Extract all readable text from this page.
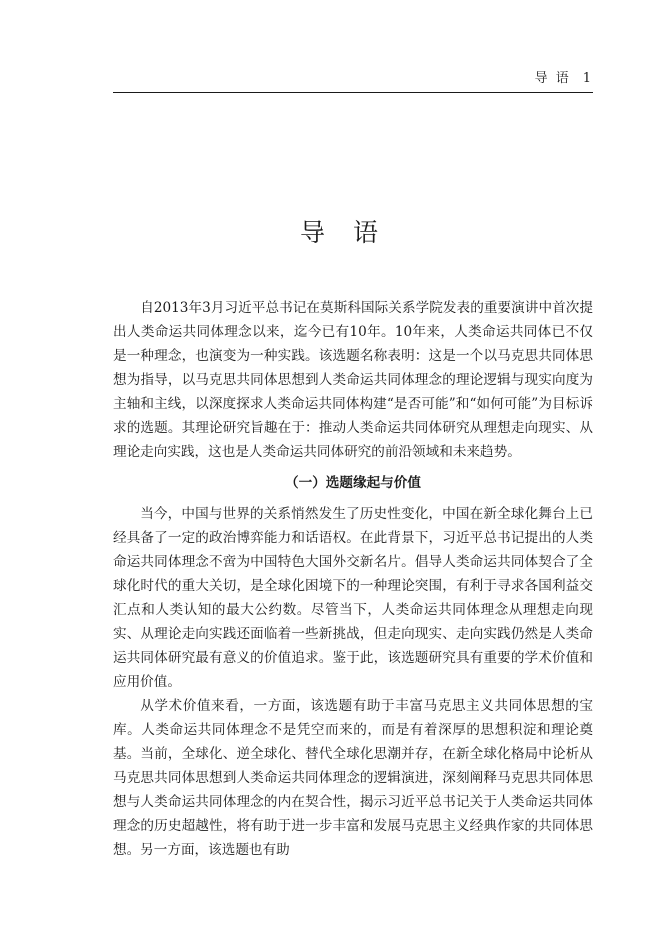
导 语 1
导语

自2013年3月习近平总书记在莫斯科国际关系学院发表的重要演讲中首次提出人类命运共同体理念以来，迄今已有10年。10年来，人类命运共同体已不仅是一种理念，也演变为一种实践。该选题名称表明：这是一个以马克思共同体思想为指导，以马克思共同体思想到人类命运共同体理念的理论逻辑与现实向度为主轴和主线，以深度探求人类命运共同体构建“是否可能”和“如何可能”为目标诉求的选题。其理论研究旨趣在于：推动人类命运共同体研究从理想走向现实、从理论走向实践，这也是人类命运共同体研究的前沿领域和未来趋势。

（一）选题缘起与价值

当今，中国与世界的关系悄然发生了历史性变化，中国在新全球化舞台上已经具备了一定的政治博弈能力和话语权。在此背景下，习近平总书记提出的人类命运共同体理念不啻为中国特色大国外交新名片。倡导人类命运共同体契合了全球化时代的重大关切，是全球化困境下的一种理论突围，有利于寻求各国利益交汇点和人类认知的最大公约数。尽管当下，人类命运共同体理念从理想走向现实、从理论走向实践还面临着一些新挑战，但走向现实、走向实践仍然是人类命运共同体研究最有意义的价值追求。鉴于此，该选题研究具有重要的学术价值和应用价值。

从学术价值来看，一方面，该选题有助于丰富马克思主义共同体思想的宝库。人类命运共同体理念不是凭空而来的，而是有着深厚的思想积淀和理论奠基。当前，全球化、逆全球化、替代全球化思潮并存，在新全球化格局中论析从马克思共同体思想到人类命运共同体理念的逻辑演进，深刻阐释马克思共同体思想与人类命运共同体理念的内在契合性，揭示习近平总书记关于人类命运共同体理念的历史超越性，将有助于进一步丰富和发展马克思主义经典作家的共同体思想。另一方面，该选题也有助
